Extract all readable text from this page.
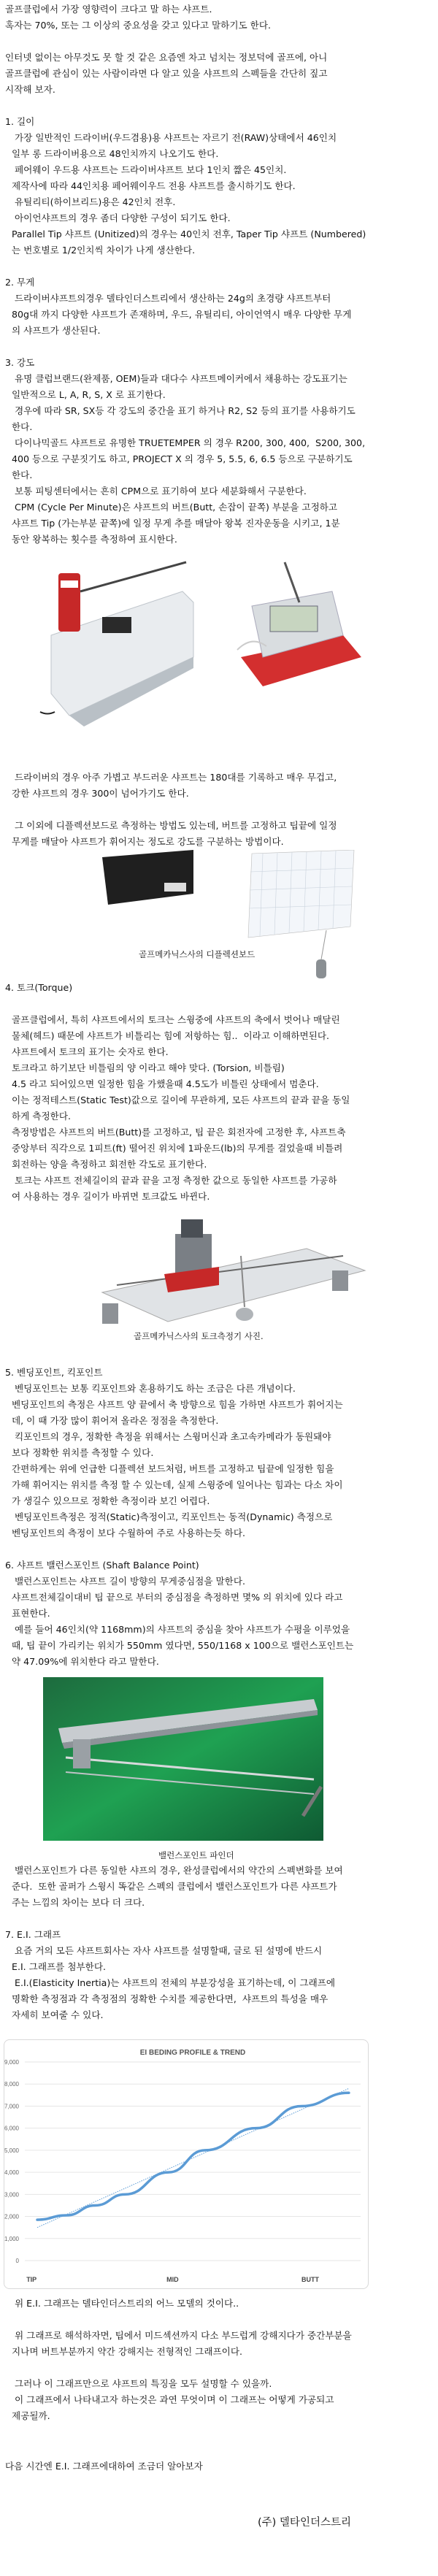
골프클럽에서 가장 영향력이 크다고 말 하는 샤프트.
혹자는 70%, 또는 그 이상의 중요성을 갖고 있다고 말하기도 한다.
인터넷 없이는 아무것도 못 할 것 같은 요즘엔 차고 넘치는 정보덕에 골프에, 아니
골프클럽에 관심이 있는 사람이라면 다 알고 있을 샤프트의 스펙들을 간단히 짚고
시작해 보자.
1. 길이
가장 일반적인 드라이버(우드겸용)용 샤프트는 자르기 전(RAW)상태에서 46인치
일부 롱 드라이버용으로 48인치까지 나오기도 한다.
페어웨이 우드용 샤프트는 드라이버샤프트 보다 1인치 짧은 45인치.
제작사에 따라 44인치용 페어웨이우드 전용 샤프트를 출시하기도 한다.
유틸리티(하이브리드)용은 42인치 전후.
아이언샤프트의 경우 좀더 다양한 구성이 되기도 한다.
Parallel Tip 샤프트 (Unitized)의 경우는 40인치 전후, Taper Tip 샤프트 (Numbered)
는 번호별로 1/2인치씩 차이가 나게 생산한다.
2. 무게
드라이버샤프트의경우 델타인더스트리에서 생산하는 24g의 초경량 샤프트부터
80g대 까지 다양한 샤프트가 존재하며, 우드, 유틸리티, 아이언역시 매우 다양한 무게
의 샤프트가 생산된다.
3. 강도
유명 클럽브랜드(완제품, OEM)들과 대다수 샤프트메이커에서 채용하는 강도표기는
일반적으로 L, A, R, S, X 로 표기한다.
경우에 따라 SR, SX등 각 강도의 중간을 표기 하거나 R2, S2 등의 표기를 사용하기도
한다.
다이나믹골드 샤프트로 유명한 TRUETEMPER 의 경우 R200, 300, 400,  S200, 300,
400 등으로 구분짓기도 하고, PROJECT X 의 경우 5, 5.5, 6, 6.5 등으로 구분하기도
한다.
보통 피팅센터에서는 흔히 CPM으로 표기하여 보다 세분화해서 구분한다.
CPM (Cycle Per Minute)은 샤프트의 버트(Butt, 손잡이 끝쪽) 부분을 고정하고
샤프트 Tip (가는부분 끝쪽)에 일정 무게 추를 매달아 왕복 진자운동을 시키고, 1분
동안 왕복하는 횟수를 측정하여 표시한다.
드라이버의 경우 아주 가볍고 부드러운 샤프트는 180대를 기록하고 매우 무겁고,
강한 샤프트의 경우 300이 넘어가기도 한다.
그 이외에 디플렉션보드로 측정하는 방법도 있는데, 버트를 고정하고 팁끝에 일정
무게를 매달아 샤프트가 휘어지는 정도로 강도를 구분하는 방법이다.
골프메카닉스사의 디플렉션보드
4. 토크(Torque)
골프클럽에서, 특히 샤프트에서의 토크는 스윙중에 샤프트의 축에서 벗어나 매달린
물체(헤드) 때문에 샤프트가 비틀리는 힘에 저항하는 힘..  이라고 이해하면된다.
샤프트에서 토크의 표기는 숫자로 한다.
토크라고 하기보단 비틀림의 양 이라고 해야 맞다. (Torsion, 비틀림)
4.5 라고 되어있으면 일정한 힘을 가했을때 4.5도가 비틀린 상태에서 멈춘다.
이는 정적테스트(Static Test)값으로 길이에 무관하게, 모든 샤프트의 끝과 끝을 동일
하게 측정한다.
측정방법은 샤프트의 버트(Butt)를 고정하고, 팁 끝은 회전자에 고정한 후, 샤프트축
중앙부터 직각으로 1피트(ft) 떨어진 위치에 1파운드(lb)의 무게를 걸었을때 비틀려
회전하는 양을 측정하고 회전한 각도로 표기한다.
토크는 샤프트 전체길이의 끝과 끝을 고정 측정한 값으로 동일한 샤프트를 가공하
여 사용하는 경우 길이가 바뀌면 토크값도 바뀐다.
골프메카닉스사의 토크측정기 사진.
5. 벤딩포인트, 킥포인트
벤딩포인트는 보통 킥포인트와 혼용하기도 하는 조금은 다른 개념이다.
벤딩포인트의 측정은 샤프트 양 끝에서 축 방향으로 힘을 가하면 샤프트가 휘어지는
데, 이 때 가장 많이 휘어져 올라온 정점을 측정한다.
킥포인트의 경우, 정확한 측정을 위해서는 스윙머신과 초고속카메라가 동원돼야
보다 정확한 위치를 측정할 수 있다.
간편하게는 위에 언급한 디플렉션 보드처럼, 버트를 고정하고 팁끝에 일정한 힘을
가해 휘어지는 위치를 측정 할 수 있는데, 실제 스윙중에 일어나는 힘과는 다소 차이
가 생길수 있으므로 정확한 측정이라 보긴 어렵다.
벤딩포인트측정은 정적(Static)측정이고, 킥포인트는 동적(Dynamic) 측정으로
벤딩포인트의 측정이 보다 수월하여 주로 사용하는듯 하다.
6. 샤프트 밸런스포인트 (Shaft Balance Point)
밸런스포인트는 샤프트 길이 방향의 무게중심점을 말한다.
샤프트전체길이대비 팁 끝으로 부터의 중심점을 측정하면 몇% 의 위치에 있다 라고
표현한다.
예를 들어 46인치(약 1168mm)의 샤프트의 중심을 찾아 샤프트가 수평을 이루었을
때, 팁 끝이 가리키는 위치가 550mm 였다면, 550/1168 x 100으로 밸런스포인트는
약 47.09%에 위치한다 라고 말한다.
밸런스포인트 파인더
밸런스포인트가 다른 동일한 샤프의 경우, 완성클럽에서의 약간의 스펙변화를 보여
준다.  또한 골퍼가 스윙시 똑같은 스펙의 클럽에서 밸런스포인트가 다른 샤프트가
주는 느낌의 차이는 보다 더 크다.
7. E.I. 그래프
요즘 거의 모든 샤프트회사는 자사 샤프트를 설명할때, 글로 된 설명에 반드시
E.I. 그래프를 첨부한다.
E.I.(Elasticity Inertia)는 샤프트의 전체의 부분강성을 표기하는데, 이 그래프에
명확한 측정점과 각 측정점의 정확한 수치를 제공한다면,  샤프트의 특성을 매우
자세히 보여줄 수 있다.
EI BEDING PROFILE & TREND
9,000
8,000
7,000
6,000
5,000
4,000
3,000
2,000
1,000
0
TIP	MID	BUTT
위 E.I. 그래프는 델타인더스트리의 어느 모델의 것이다..
위 그래프로 해석하자면, 팁에서 미드섹션까지 다소 부드럽게 강해지다가 중간부분을
지나며 버트부분까지 약간 강해지는 전형적인 그래프이다.
그러나 이 그래프만으로 샤프트의 특징을 모두 설명할 수 있을까.
이 그래프에서 나타내고자 하는것은 과연 무엇이며 이 그래프는 어떻게 가공되고
제공될까.
다음 시간엔 E.I. 그래프에대하여 조금더 알아보자
(주) 델타인더스트리
